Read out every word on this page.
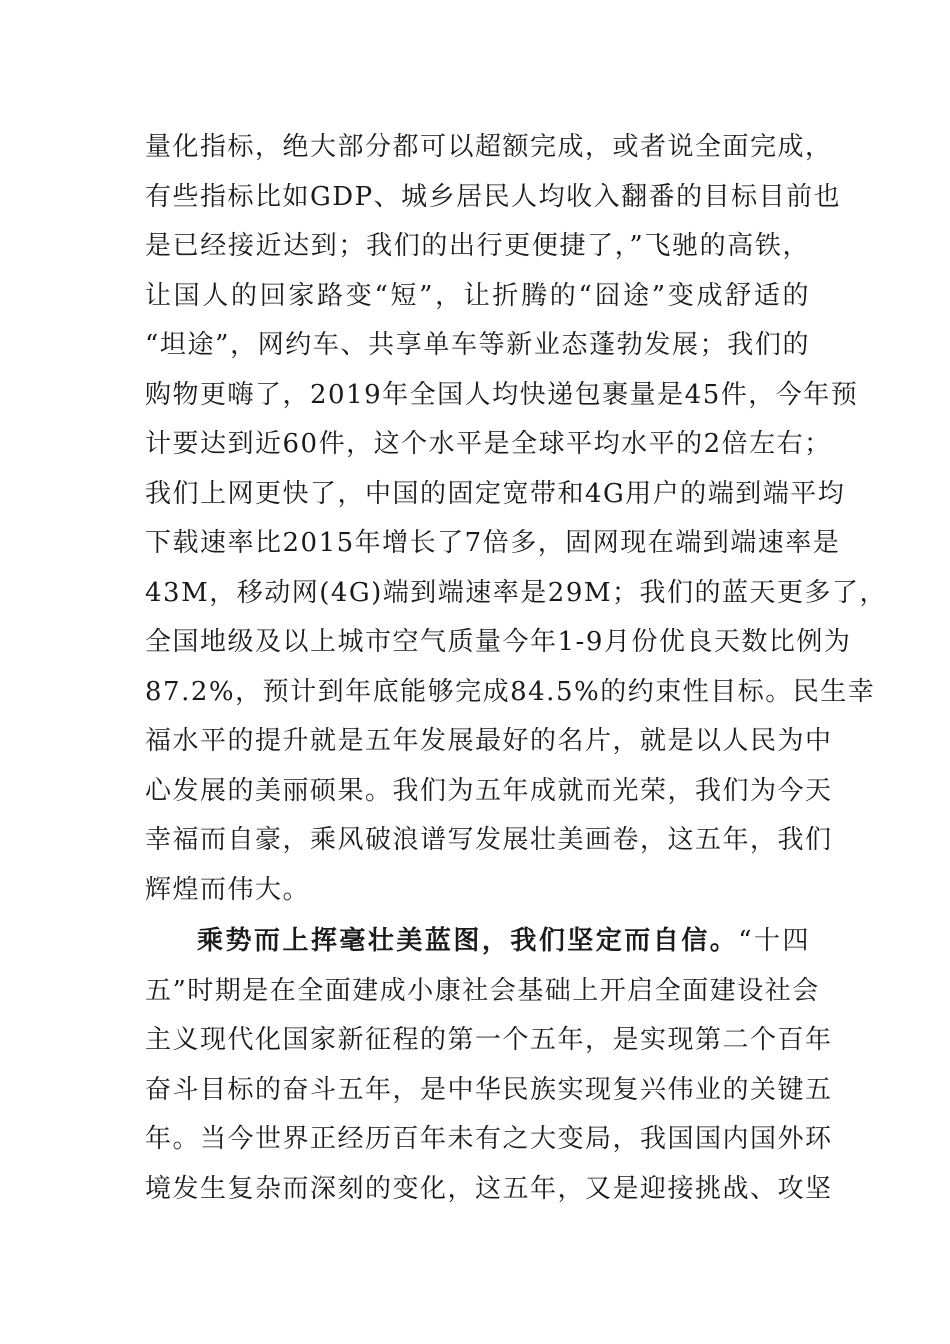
量化指标，绝大部分都可以超额完成，或者说全面完成，
有些指标比如GDP、城乡居民人均收入翻番的目标目前也
是已经接近达到；我们的出行更便捷了，”飞驰的高铁，
让国人的回家路变“短”，让折腾的“囧途”变成舒适的
“坦途”，网约车、共享单车等新业态蓬勃发展；我们的
购物更嗨了，2019年全国人均快递包裹量是45件，今年预
计要达到近60件，这个水平是全球平均水平的2倍左右；
我们上网更快了，中国的固定宽带和4G用户的端到端平均
下载速率比2015年增长了7倍多，固网现在端到端速率是
43M，移动网(4G)端到端速率是29M；我们的蓝天更多了，
全国地级及以上城市空气质量今年1-9月份优良天数比例为
87.2%，预计到年底能够完成84.5%的约束性目标。民生幸
福水平的提升就是五年发展最好的名片，就是以人民为中
心发展的美丽硕果。我们为五年成就而光荣，我们为今天
幸福而自豪，乘风破浪谱写发展壮美画卷，这五年，我们
辉煌而伟大。
乘势而上挥毫壮美蓝图，我们坚定而自信。“十四
五”时期是在全面建成小康社会基础上开启全面建设社会
主义现代化国家新征程的第一个五年，是实现第二个百年
奋斗目标的奋斗五年，是中华民族实现复兴伟业的关键五
年。当今世界正经历百年未有之大变局，我国国内国外环
境发生复杂而深刻的变化，这五年，又是迎接挑战、攻坚
